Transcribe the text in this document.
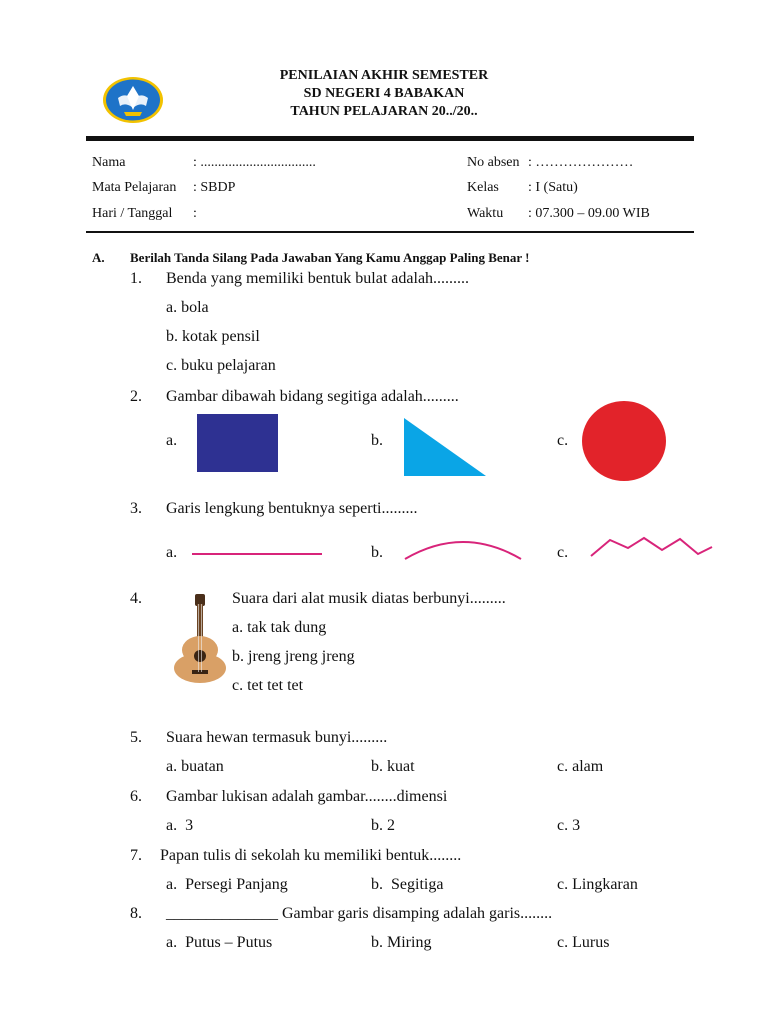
PENILAIAN AKHIR SEMESTER
SD NEGERI 4 BABAKAN
TAHUN PELAJARAN 20../20..
Nama	: .................................
Mata Pelajaran : SBDP
Hari / Tanggal :
No absen : …………………
Kelas : I (Satu)
Waktu : 07.300 – 09.00 WIB
A. Berilah Tanda Silang Pada Jawaban Yang Kamu Anggap Paling Benar !
1. Benda yang memiliki bentuk bulat adalah.........
a. bola
b. kotak pensil
c. buku pelajaran
2. Gambar dibawah bidang segitiga adalah.........
a.	b.	c.
3. Garis lengkung bentuknya seperti.........
a.	b.	c.
4.	Suara dari alat musik diatas berbunyi.........
a. tak tak dung
b. jreng jreng jreng
c. tet tet tet
5. Suara hewan termasuk bunyi.........
a. buatan	b. kuat	c. alam
6. Gambar lukisan adalah gambar........dimensi
a.  3	b. 2	c. 3
7. Papan tulis di sekolah ku memiliki bentuk........
a.  Persegi Panjang	b.  Segitiga	c. Lingkaran
8. ______________ Gambar garis disamping adalah garis........
a.  Putus – Putus	b. Miring	c. Lurus
